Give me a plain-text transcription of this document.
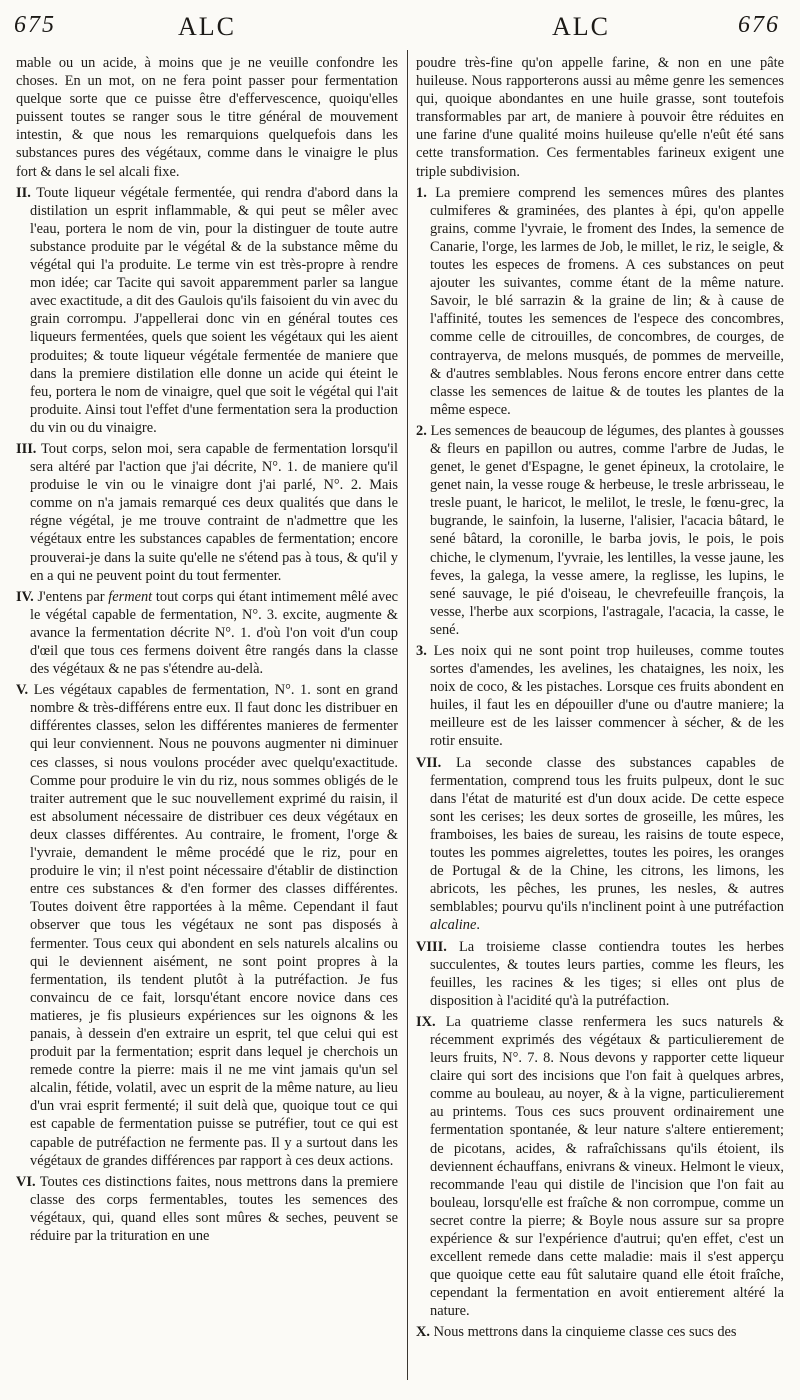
675	ALC	ALC	676

mable ou un acide, à moins que je ne veuille confondre les choses. En un mot, on ne fera point passer pour fermentation quelque sorte que ce puisse être d'effervescence, quoiqu'elles puissent toutes se ranger sous le titre général de mouvement intestin, & que nous les remarquions quelquefois dans les substances pures des végétaux, comme dans le vinaigre le plus fort & dans le sel alcali fixe.

II. Toute liqueur végétale fermentée, qui rendra d'abord dans la distilation un esprit inflammable, & qui peut se mêler avec l'eau, portera le nom de vin, pour la distinguer de toute autre substance produite par le végétal & de la substance même du végétal qui l'a produite. Le terme vin est très-propre à rendre mon idée; car Tacite qui savoit apparemment parler sa langue avec exactitude, a dit des Gaulois qu'ils faisoient du vin avec du grain corrompu. J'appellerai donc vin en général toutes ces liqueurs fermentées, quels que soient les végétaux qui les aient produites; & toute liqueur végétale fermentée de maniere que dans la premiere distilation elle donne un acide qui éteint le feu, portera le nom de vinaigre, quel que soit le végétal qui l'ait produite. Ainsi tout l'effet d'une fermentation sera la production du vin ou du vinaigre.

III. Tout corps, selon moi, sera capable de fermentation lorsqu'il sera altéré par l'action que j'ai décrite, N°. 1. de maniere qu'il produise le vin ou le vinaigre dont j'ai parlé, N°. 2. Mais comme on n'a jamais remarqué ces deux qualités que dans le régne végétal, je me trouve contraint de n'admettre que les végétaux entre les substances capables de fermentation; encore prouverai-je dans la suite qu'elle ne s'étend pas à tous, & qu'il y en a qui ne peuvent point du tout fermenter.

IV. J'entens par ferment tout corps qui étant intimement mêlé avec le végétal capable de fermentation, N°. 3. excite, augmente & avance la fermentation décrite N°. 1. d'où l'on voit d'un coup d'œil que tous ces fermens doivent être rangés dans la classe des végétaux & ne pas s'étendre au-delà.

V. Les végétaux capables de fermentation, N°. 1. sont en grand nombre & très-différens entre eux. Il faut donc les distribuer en différentes classes, selon les différentes manieres de fermenter qui leur conviennent. Nous ne pouvons augmenter ni diminuer ces classes, si nous voulons procéder avec quelqu'exactitude. Comme pour produire le vin du riz, nous sommes obligés de le traiter autrement que le suc nouvellement exprimé du raisin, il est absolument nécessaire de distribuer ces deux végétaux en deux classes différentes. Au contraire, le froment, l'orge & l'yvraie, demandent le même procédé que le riz, pour en produire le vin; il n'est point nécessaire d'établir de distinction entre ces substances & d'en former des classes différentes. Toutes doivent être rapportées à la même. Cependant il faut observer que tous les végétaux ne sont pas disposés à fermenter. Tous ceux qui abondent en sels naturels alcalins ou qui le deviennent aisément, ne sont point propres à la fermentation, ils tendent plutôt à la putréfaction. Je fus convaincu de ce fait, lorsqu'étant encore novice dans ces matieres, je fis plusieurs expériences sur les oignons & les panais, à dessein d'en extraire un esprit, tel que celui qui est produit par la fermentation; esprit dans lequel je cherchois un remede contre la pierre: mais il ne me vint jamais qu'un sel alcalin, fétide, volatil, avec un esprit de la même nature, au lieu d'un vrai esprit fermenté; il suit delà que, quoique tout ce qui est capable de fermentation puisse se putréfier, tout ce qui est capable de putréfaction ne fermente pas. Il y a surtout dans les végétaux de grandes différences par rapport à ces deux actions.

VI. Toutes ces distinctions faites, nous mettrons dans la premiere classe des corps fermentables, toutes les semences des végétaux, qui, quand elles sont mûres & seches, peuvent se réduire par la trituration en une

poudre très-fine qu'on appelle farine, & non en une pâte huileuse. Nous rapporterons aussi au même genre les semences qui, quoique abondantes en une huile grasse, sont toutefois transformables par art, de maniere à pouvoir être réduites en une farine d'une qualité moins huileuse qu'elle n'eût été sans cette transformation. Ces fermentables farineux exigent une triple subdivision.

1. La premiere comprend les semences mûres des plantes culmiferes & graminées, des plantes à épi, qu'on appelle grains, comme l'yvraie, le froment des Indes, la semence de Canarie, l'orge, les larmes de Job, le millet, le riz, le seigle, & toutes les especes de fromens. A ces substances on peut ajouter les suivantes, comme étant de la même nature. Savoir, le blé sarrazin & la graine de lin; & à cause de l'affinité, toutes les semences de l'espece des concombres, comme celle de citrouilles, de concombres, de courges, de contrayerva, de melons musqués, de pommes de merveille, & d'autres semblables. Nous ferons encore entrer dans cette classe les semences de laitue & de toutes les plantes de la même espece.

2. Les semences de beaucoup de légumes, des plantes à gousses & fleurs en papillon ou autres, comme l'arbre de Judas, le genet, le genet d'Espagne, le genet épineux, la crotolaire, le genet nain, la vesse rouge & herbeuse, le tresle arbrisseau, le tresle puant, le haricot, le melilot, le tresle, le fœnu-grec, la bugrande, le sainfoin, la luserne, l'alisier, l'acacia bâtard, le sené bâtard, la coronille, le barba jovis, le pois, le pois chiche, le clymenum, l'yvraie, les lentilles, la vesse jaune, les feves, la galega, la vesse amere, la reglisse, les lupins, le sené sauvage, le pié d'oiseau, le chevrefeuille françois, la vesse, l'herbe aux scorpions, l'astragale, l'acacia, la casse, le sené.

3. Les noix qui ne sont point trop huileuses, comme toutes sortes d'amendes, les avelines, les chataignes, les noix, les noix de coco, & les pistaches. Lorsque ces fruits abondent en huiles, il faut les en dépouiller d'une ou d'autre maniere; la meilleure est de les laisser commencer à sécher, & de les rotir ensuite.

VII. La seconde classe des substances capables de fermentation, comprend tous les fruits pulpeux, dont le suc dans l'état de maturité est d'un doux acide. De cette espece sont les cerises; les deux sortes de groseille, les mûres, les framboises, les baies de sureau, les raisins de toute espece, toutes les pommes aigrelettes, toutes les poires, les oranges de Portugal & de la Chine, les citrons, les limons, les abricots, les pêches, les prunes, les nesles, & autres semblables; pourvu qu'ils n'inclinent point à une putréfaction alcaline.

VIII. La troisieme classe contiendra toutes les herbes succulentes, & toutes leurs parties, comme les fleurs, les feuilles, les racines & les tiges; si elles ont plus de disposition à l'acidité qu'à la putréfaction.

IX. La quatrieme classe renfermera les sucs naturels & récemment exprimés des végétaux & particulierement de leurs fruits, N°. 7. 8. Nous devons y rapporter cette liqueur claire qui sort des incisions que l'on fait à quelques arbres, comme au bouleau, au noyer, & à la vigne, particulierement au printems. Tous ces sucs prouvent ordinairement une fermentation spontanée, & leur nature s'altere entierement; de picotans, acides, & rafraîchissans qu'ils étoient, ils deviennent échauffans, enivrans & vineux. Helmont le vieux, recommande l'eau qui distile de l'incision que l'on fait au bouleau, lorsqu'elle est fraîche & non corrompue, comme un secret contre la pierre; & Boyle nous assure sur sa propre expérience & sur l'expérience d'autrui; qu'en effet, c'est un excellent remede dans cette maladie: mais il s'est apperçu que quoique cette eau fût salutaire quand elle étoit fraîche, cependant la fermentation en avoit entierement altéré la nature.

X. Nous mettrons dans la cinquieme classe ces sucs des
